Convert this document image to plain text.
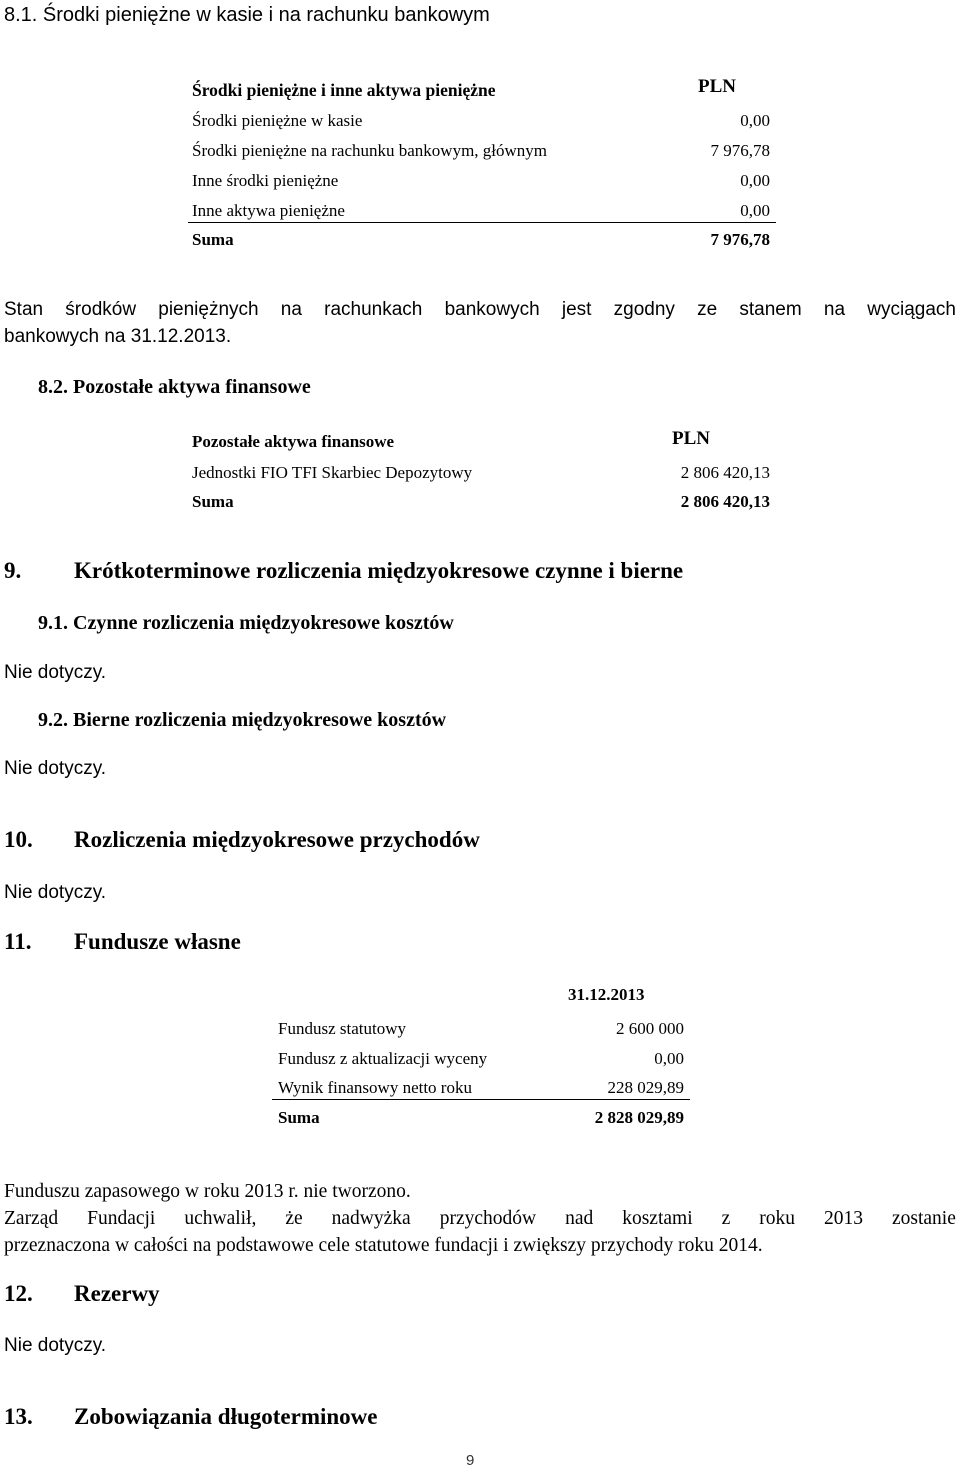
8.1. Środki pieniężne w kasie i na rachunku bankowym
Środki pieniężne i inne aktywa pieniężne	PLN
Środki pieniężne w kasie	0,00
Środki pieniężne na rachunku bankowym, głównym	7 976,78
Inne środki pieniężne	0,00
Inne aktywa pieniężne	0,00
Suma	7 976,78
Stan środków pieniężnych na rachunkach bankowych jest zgodny ze stanem na wyciągach
bankowych na 31.12.2013.
8.2. Pozostałe aktywa finansowe
Pozostałe aktywa finansowe	PLN
Jednostki FIO TFI Skarbiec Depozytowy	2 806 420,13
Suma	2 806 420,13
9. Krótkoterminowe rozliczenia międzyokresowe czynne i bierne
9.1. Czynne rozliczenia międzyokresowe kosztów
Nie dotyczy.
9.2. Bierne rozliczenia międzyokresowe kosztów
Nie dotyczy.
10. Rozliczenia międzyokresowe przychodów
Nie dotyczy.
11. Fundusze własne
31.12.2013
Fundusz statutowy	2 600 000
Fundusz z aktualizacji wyceny	0,00
Wynik finansowy netto roku	228 029,89
Suma	2 828 029,89
Funduszu zapasowego w roku 2013 r. nie tworzono.
Zarząd Fundacji uchwalił, że nadwyżka przychodów nad kosztami z roku 2013 zostanie
przeznaczona w całości na podstawowe cele statutowe fundacji i zwiększy przychody roku 2014.
12. Rezerwy
Nie dotyczy.
13. Zobowiązania długoterminowe
9
